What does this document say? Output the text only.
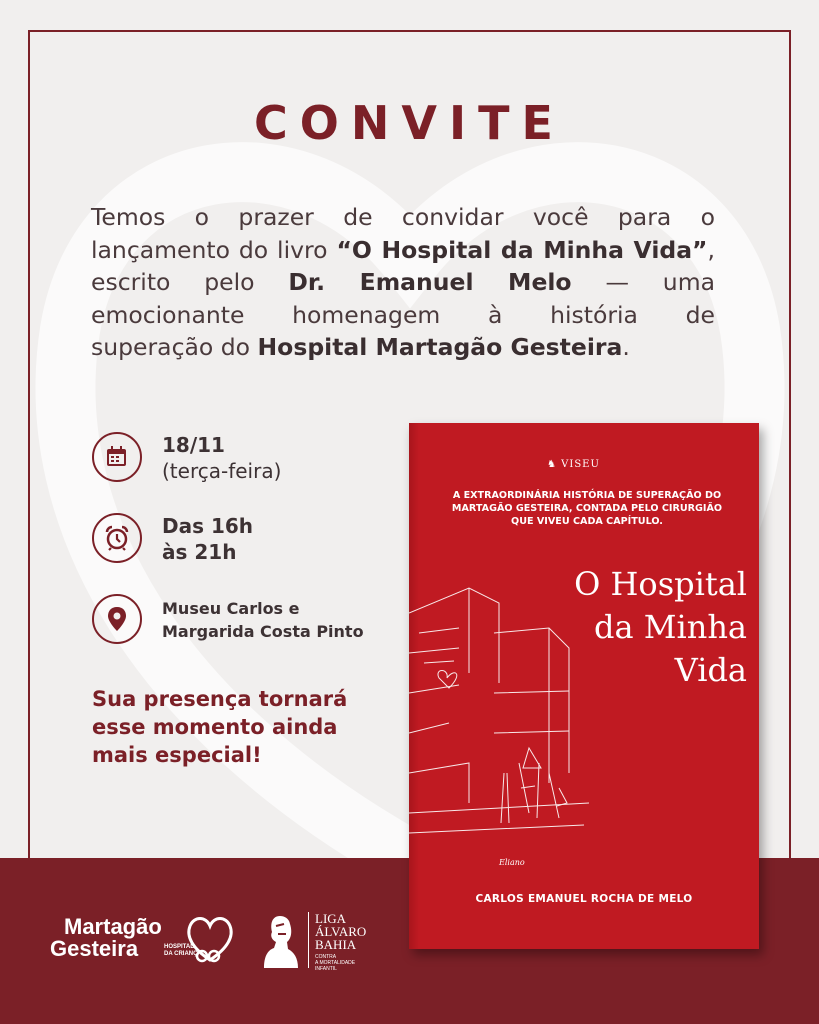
CONVITE
Temos o prazer de convidar você para o
lançamento do livro “O Hospital da Minha Vida”,
escrito pelo Dr. Emanuel Melo — uma
emocionante homenagem à história de
superação do Hospital Martagão Gesteira.
18/11
(terça-feira)
Das 16h
às 21h
Museu Carlos e
Margarida Costa Pinto
Sua presença tornará
esse momento ainda
mais especial!
♞ VISEU
A EXTRAORDINÁRIA HISTÓRIA DE SUPERAÇÃO DO
MARTAGÃO GESTEIRA, CONTADA PELO CIRURGIÃO
QUE VIVEU CADA CAPÍTULO.
O Hospital
da Minha
Vida
Eliano
CARLOS EMANUEL ROCHA DE MELO
Martagão
Gesteira	HOSPITAL
DA CRIANÇA
LIGA
ÁLVARO
BAHIA
CONTRA
A MORTALIDADE
INFANTIL
